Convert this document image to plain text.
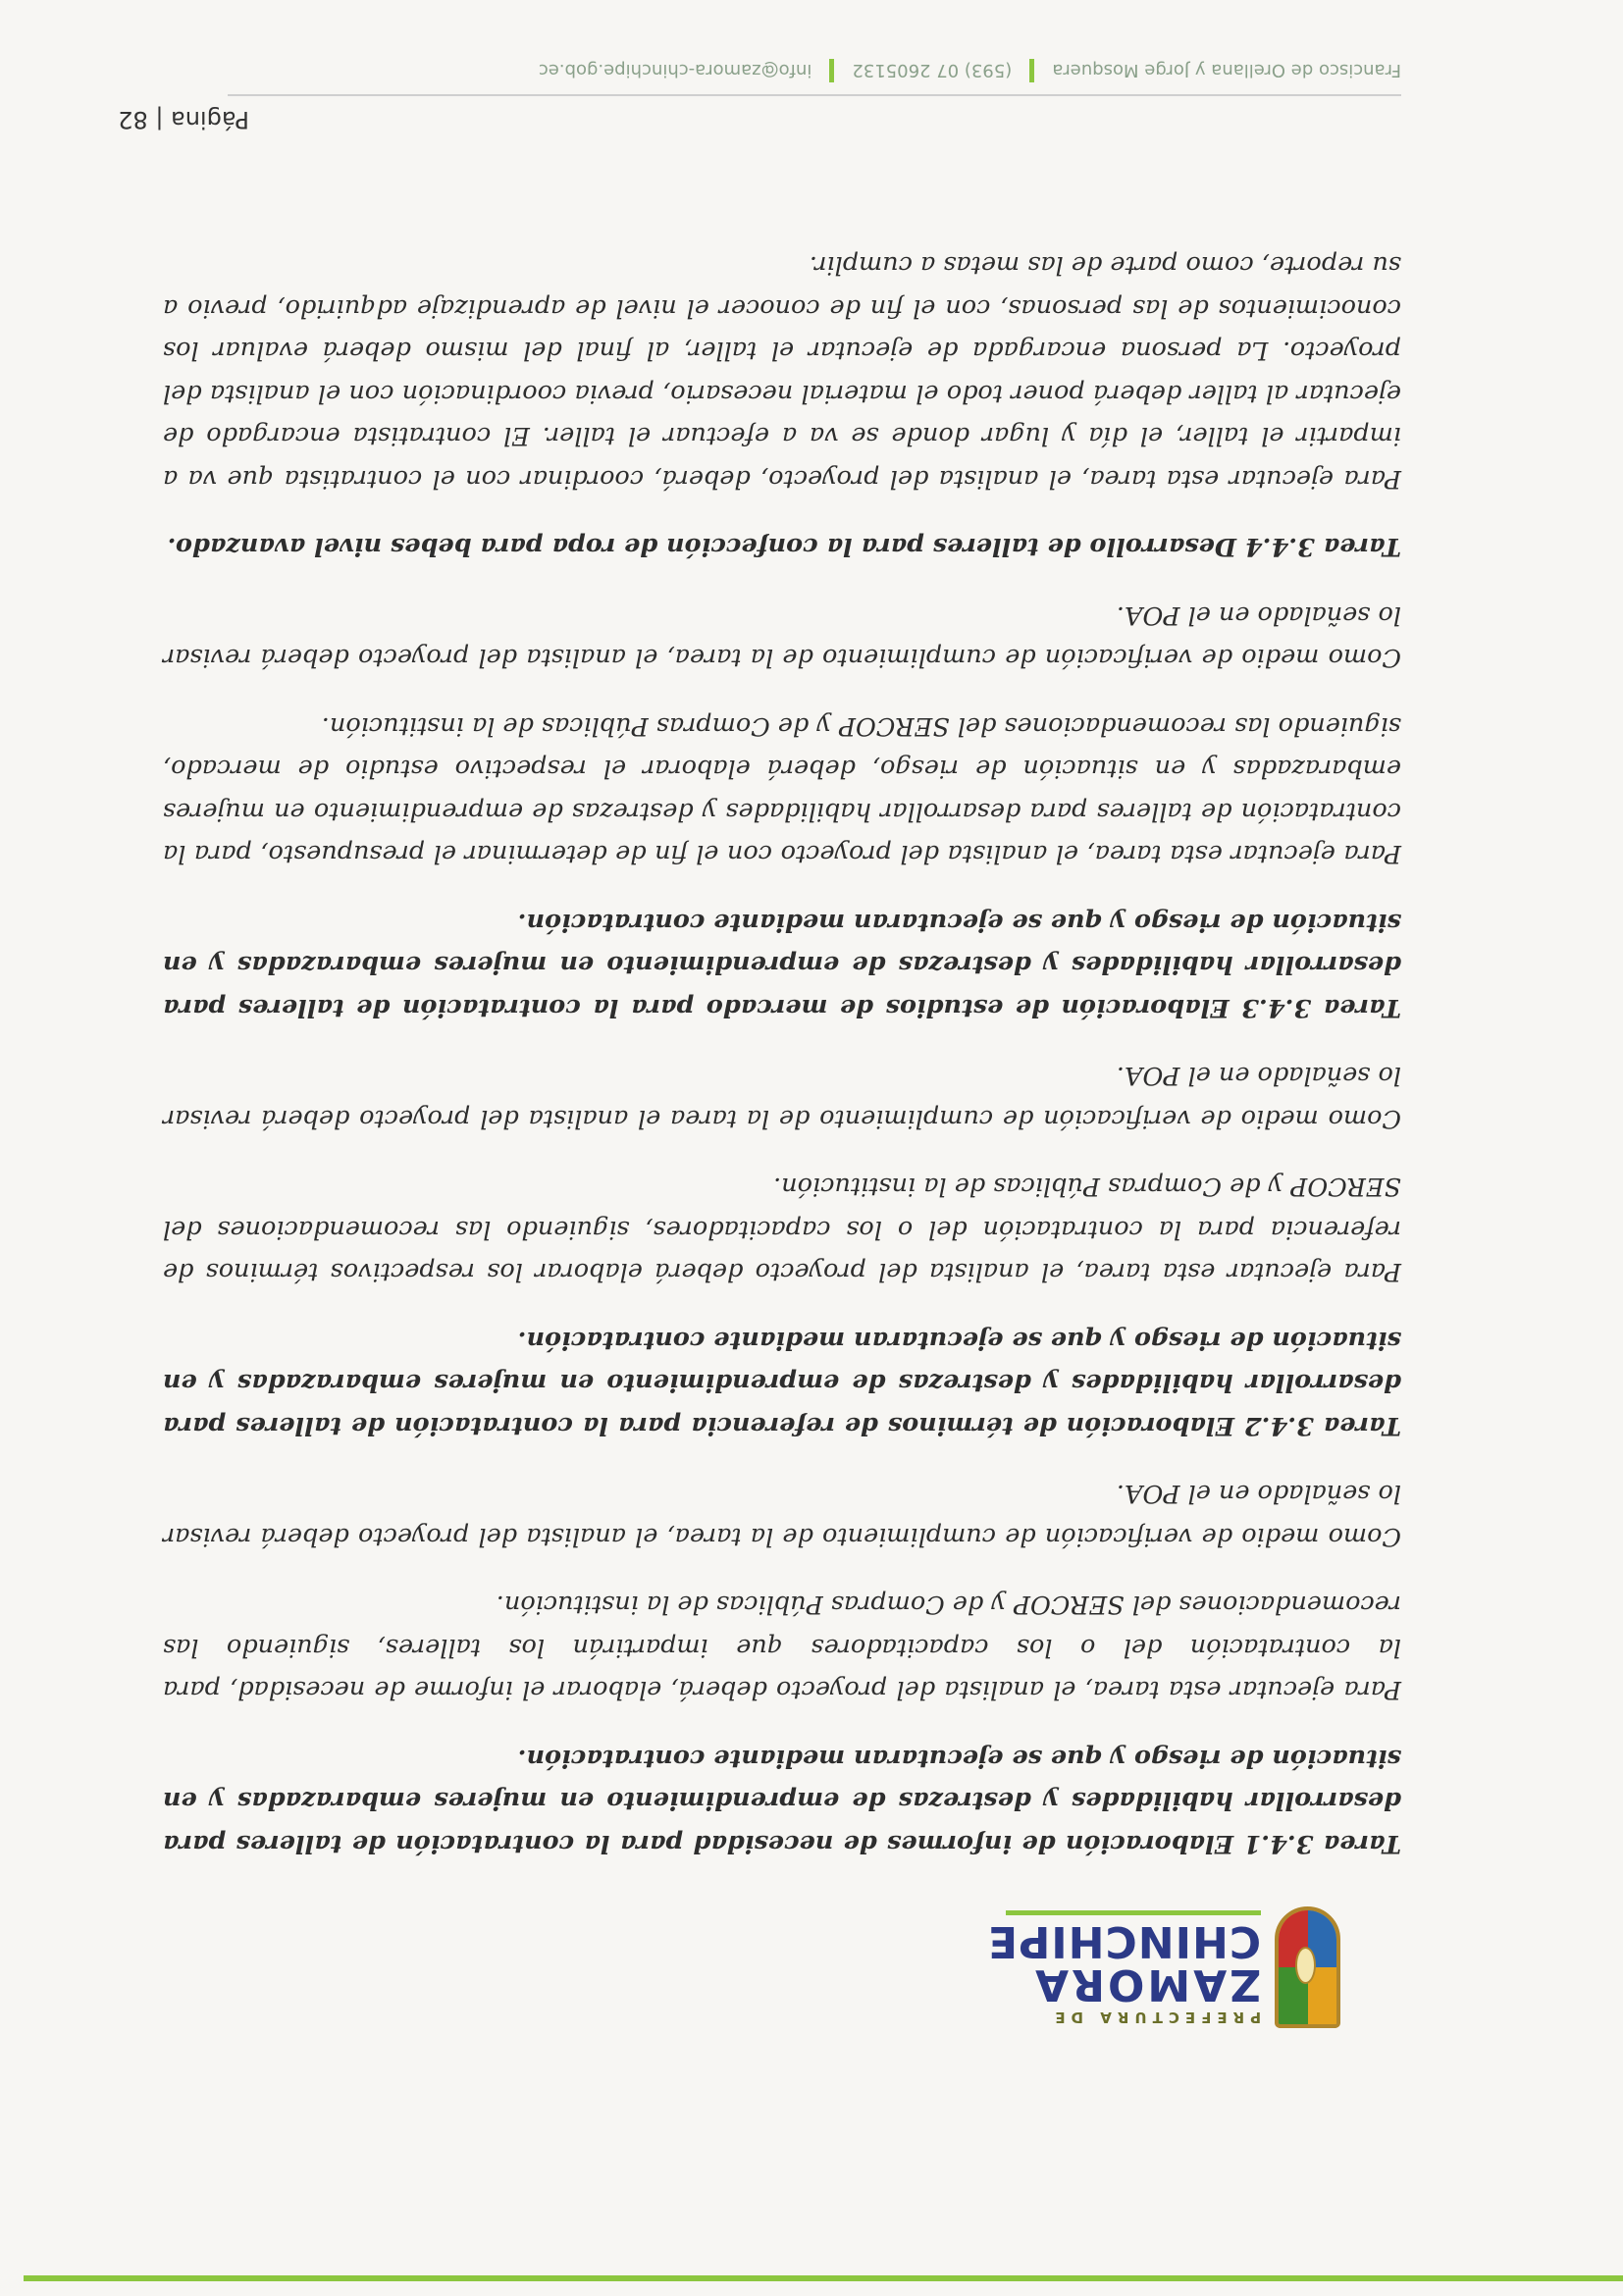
PREFECTURA DE
ZAMORA
CHINCHIPE

Tarea 3.4.1 Elaboración de informes de necesidad para la contratación de talleres para desarrollar habilidades y destrezas de emprendimiento en mujeres embarazadas y en situación de riesgo y que se ejecutaran mediante contratación.

Para ejecutar esta tarea, el analista del proyecto deberá, elaborar el informe de necesidad, para la contratación del o los capacitadores que impartirán los talleres, siguiendo las recomendaciones del SERCOP y de Compras Públicas de la institución.

Como medio de verificación de cumplimiento de la tarea, el analista del proyecto deberá revisar lo señalado en el POA.

Tarea 3.4.2 Elaboración de términos de referencia para la contratación de talleres para desarrollar habilidades y destrezas de emprendimiento en mujeres embarazadas y en situación de riesgo y que se ejecutaran mediante contratación.

Para ejecutar esta tarea, el analista del proyecto deberá elaborar los respectivos términos de referencia para la contratación del o los capacitadores, siguiendo las recomendaciones del SERCOP y de Compras Públicas de la institución.

Como medio de verificación de cumplimiento de la tarea el analista del proyecto deberá revisar lo señalado en el POA.

Tarea 3.4.3 Elaboración de estudios de mercado para la contratación de talleres para desarrollar habilidades y destrezas de emprendimiento en mujeres embarazadas y en situación de riesgo y que se ejecutaran mediante contratación.

Para ejecutar esta tarea, el analista del proyecto con el fin de determinar el presupuesto, para la contratación de talleres para desarrollar habilidades y destrezas de emprendimiento en mujeres embarazadas y en situación de riesgo, deberá elaborar el respectivo estudio de mercado, siguiendo las recomendaciones del SERCOP y de Compras Públicas de la institución.

Como medio de verificación de cumplimiento de la tarea, el analista del proyecto deberá revisar lo señalado en el POA.

Tarea 3.4.4 Desarrollo de talleres para la confección de ropa para bebes nivel avanzado.

Para ejecutar esta tarea, el analista del proyecto, deberá, coordinar con el contratista que va a impartir el taller, el día y lugar donde se va a efectuar el taller. El contratista encargado de ejecutar al taller deberá poner todo el material necesario, previa coordinación con el analista del proyecto. La persona encargada de ejecutar el taller, al final del mismo deberá evaluar los conocimientos de las personas, con el fin de conocer el nivel de aprendizaje adquirido, previo a su reporte, como parte de las metas a cumplir.

Página | 82
Francisco de Orellana y Jorge Mosquera
(593) 07 2605132
info@zamora-chinchipe.gob.ec
